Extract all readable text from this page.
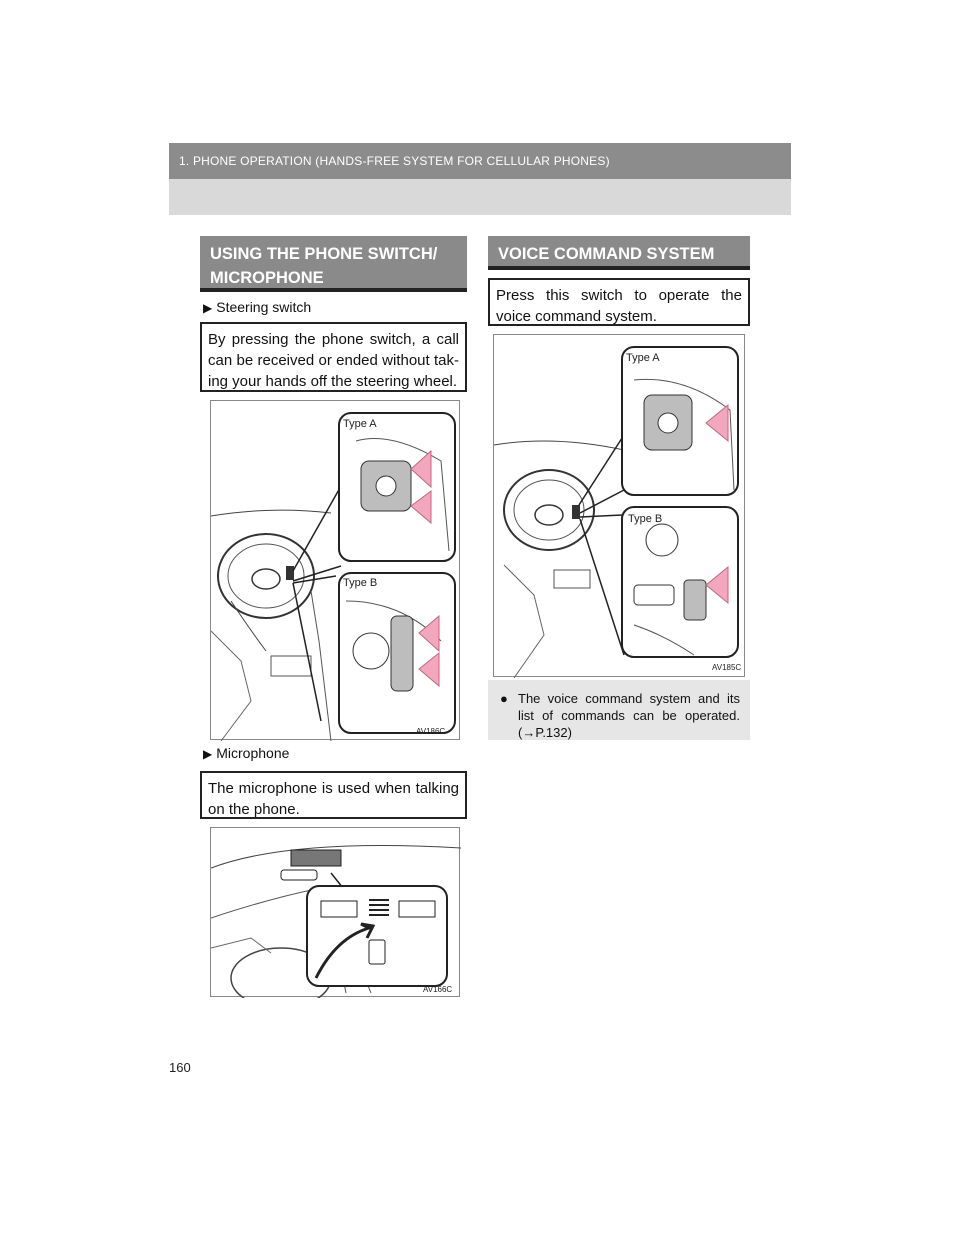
1. PHONE OPERATION (HANDS-FREE SYSTEM FOR CELLULAR PHONES)
USING THE PHONE SWITCH/ MICROPHONE
▶ Steering switch
By pressing the phone switch, a call can be received or ended without tak-ing your hands off the steering wheel.
Type A
Type B
AV186C
▶ Microphone
The microphone is used when talking on the phone.
AV166C
VOICE COMMAND SYSTEM
Press this switch to operate the voice command system.
Type A
Type B
AV185C
● The voice command system and its list of commands can be operated. (→P.132)
160
